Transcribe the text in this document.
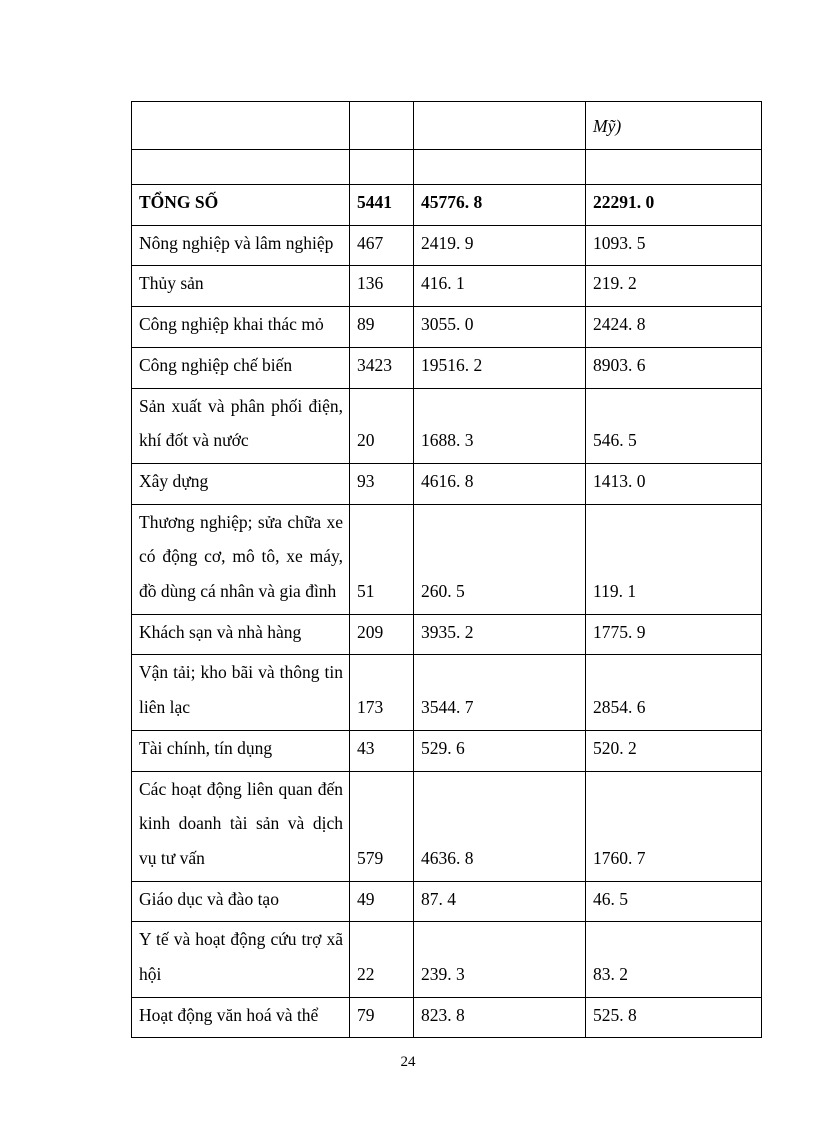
			Mỹ)

TỔNG SỐ	5441	45776. 8	22291. 0
Nông nghiệp và lâm nghiệp	467	2419. 9	1093. 5
Thủy sản	136	416. 1	219. 2
Công nghiệp khai thác mỏ	89	3055. 0	2424. 8
Công nghiệp chế biến	3423	19516. 2	8903. 6
Sản xuất và phân phối điện, khí đốt và nước	20	1688. 3	546. 5
Xây dựng	93	4616. 8	1413. 0
Thương nghiệp; sửa chữa xe có động cơ, mô tô, xe máy, đồ dùng cá nhân và gia đình	51	260. 5	119. 1
Khách sạn và nhà hàng	209	3935. 2	1775. 9
Vận tải; kho bãi và thông tin liên lạc	173	3544. 7	2854. 6
Tài chính, tín dụng	43	529. 6	520. 2
Các hoạt động liên quan đến kinh doanh tài sản và dịch vụ tư vấn	579	4636. 8	1760. 7
Giáo dục và đào tạo	49	87. 4	46. 5
Y tế và hoạt động cứu trợ xã hội	22	239. 3	83. 2
Hoạt động văn hoá và thể	79	823. 8	525. 8
24
